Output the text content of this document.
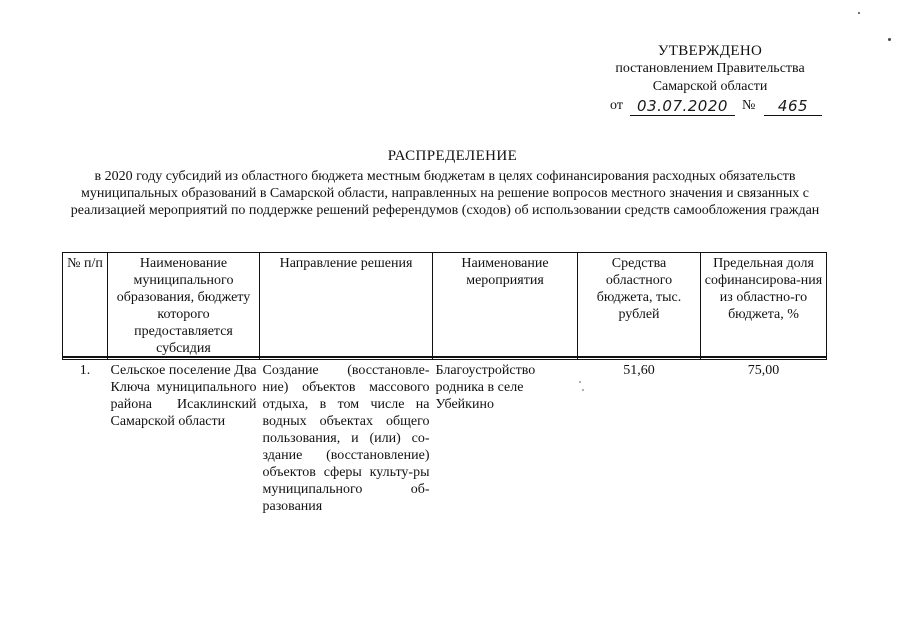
УТВЕРЖДЕНО
постановлением Правительства
Самарской области
от 03.07.2020	№	465
РАСПРЕДЕЛЕНИЕ
в 2020 году субсидий из областного бюджета местным бюджетам в целях софинансирования расходных обязательств муниципальных образований в Самарской области, направленных на решение вопросов местного значения и связанных с реализацией мероприятий по поддержке решений референдумов (сходов) об использовании средств самообложения граждан
№ п/п	Наименование муниципального образования, бюджету которого предоставляется субсидия	Направление решения	Наименование мероприятия	Средства областного бюджета, тыс. рублей	Предельная доля софинансирова-ния из областно-го бюджета, %
1.	Сельское поселение Два Ключа муниципального района Исаклинский Самарской области	Создание (восстановле-ние) объектов массового отдыха, в том числе на водных объектах общего пользования, и (или) со-здание (восстановление) объектов сферы культу-ры муниципального об-разования	Благоустройство родника в селе Убейкино	51,60	75,00
